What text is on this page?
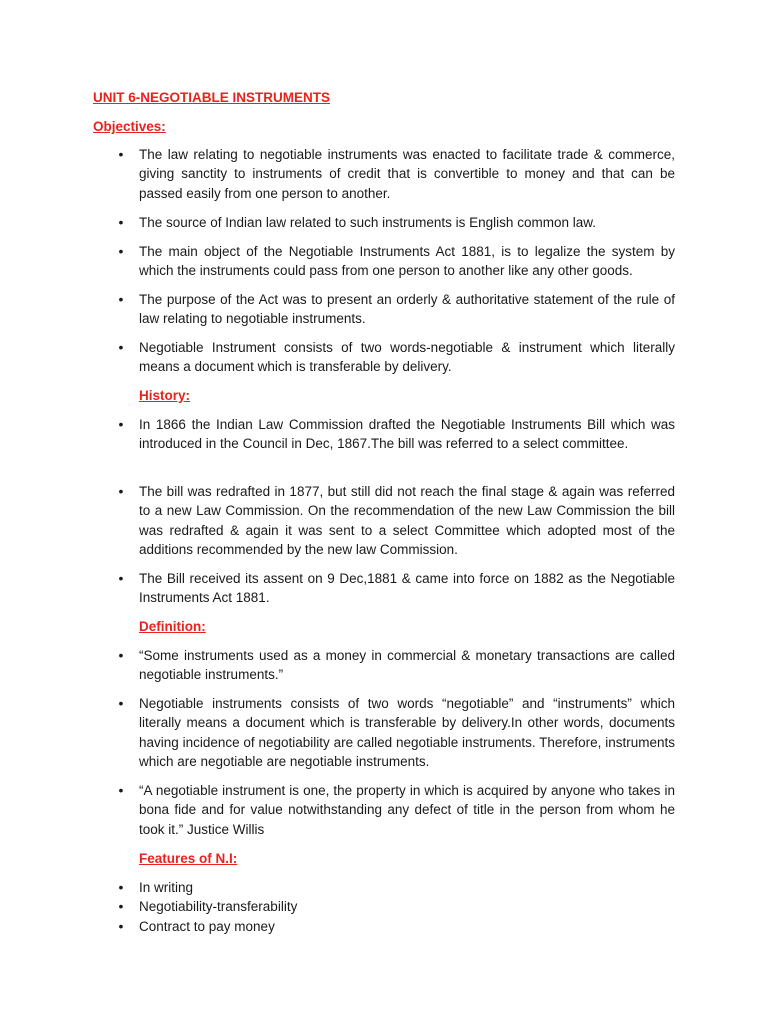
UNIT 6-NEGOTIABLE INSTRUMENTS
Objectives:
• The law relating to negotiable instruments was enacted to facilitate trade & commerce, giving sanctity to instruments of credit that is convertible to money and that can be passed easily from one person to another.

• The source of Indian law related to such instruments is English common law.

• The main object of the Negotiable Instruments Act 1881, is to legalize the system by which the instruments could pass from one person to another like any other goods.

• The purpose of the Act was to present an orderly & authoritative statement of the rule of law relating to negotiable instruments.

• Negotiable Instrument consists of two words-negotiable & instrument which literally means a document which is transferable by delivery.

History:
• In 1866 the Indian Law Commission drafted the Negotiable Instruments Bill which was introduced in the Council in Dec, 1867.The bill was referred to a select committee.

• The bill was redrafted in 1877, but still did not reach the final stage & again was referred to a new Law Commission. On the recommendation of the new Law Commission the bill was redrafted & again it was sent to a select Committee which adopted most of the additions recommended by the new law Commission.

• The Bill received its assent on 9 Dec,1881 & came into force on 1882 as the Negotiable Instruments Act 1881.

Definition:
• “Some instruments used as a money in commercial & monetary transactions are called negotiable instruments.”

• Negotiable instruments consists of two words “negotiable” and “instruments” which literally means a document which is transferable by delivery.In other words, documents having incidence of negotiability are called negotiable instruments. Therefore, instruments which are negotiable are negotiable instruments.

• “A negotiable instrument is one, the property in which is acquired by anyone who takes in bona fide and for value notwithstanding any defect of title in the person from whom he took it.” Justice Willis

Features of N.I:
• In writing

• Negotiability-transferability

• Contract to pay money
